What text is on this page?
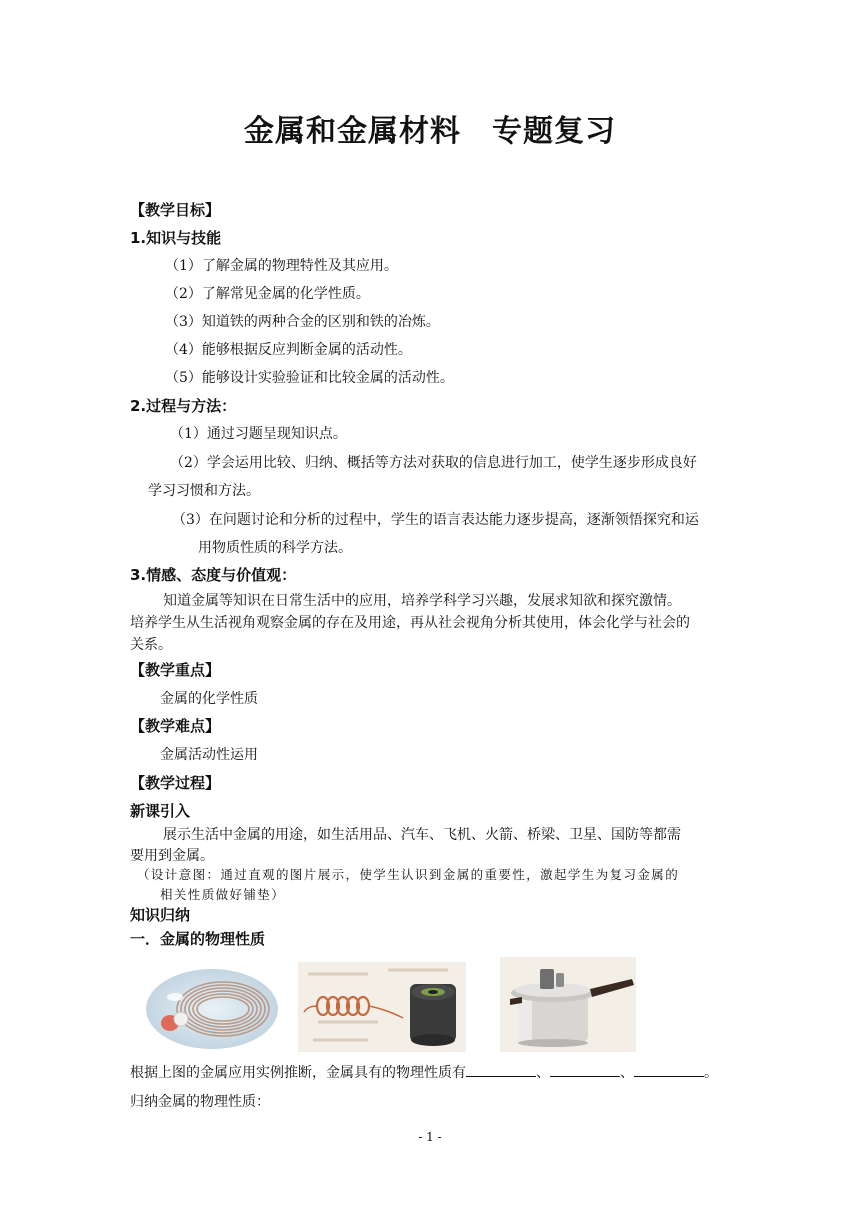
金属和金属材料　专题复习
【教学目标】
1.知识与技能
（1）了解金属的物理特性及其应用。
（2）了解常见金属的化学性质。
（3）知道铁的两种合金的区别和铁的冶炼。
（4）能够根据反应判断金属的活动性。
（5）能够设计实验验证和比较金属的活动性。
2.过程与方法：
（1）通过习题呈现知识点。
（2）学会运用比较、归纳、概括等方法对获取的信息进行加工，使学生逐步形成良好
学习习惯和方法。
（3）在问题讨论和分析的过程中，学生的语言表达能力逐步提高，逐渐领悟探究和运
用物质性质的科学方法。
3.情感、态度与价值观：
知道金属等知识在日常生活中的应用，培养学科学习兴趣，发展求知欲和探究激情。
培养学生从生活视角观察金属的存在及用途，再从社会视角分析其使用，体会化学与社会的
关系。
【教学重点】
金属的化学性质
【教学难点】
金属活动性运用
【教学过程】
新课引入
展示生活中金属的用途，如生活用品、汽车、飞机、火箭、桥梁、卫星、国防等都需
要用到金属。
（设计意图：通过直观的图片展示，使学生认识到金属的重要性，激起学生为复习金属的
相关性质做好铺垫）
知识归纳
一．金属的物理性质
根据上图的金属应用实例推断，金属具有的物理性质有	、	、	。
归纳金属的物理性质：
- 1 -
